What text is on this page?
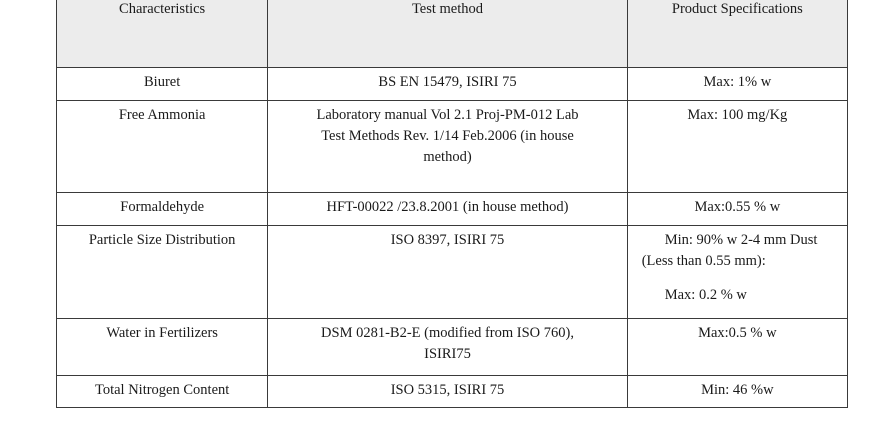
Characteristics	Test method	Product Specifications

Biuret	BS EN 15479, ISIRI 75	Max: 1% w

Free Ammonia	Laboratory manual Vol 2.1 Proj-PM-012 Lab
Test Methods Rev. 1/14 Feb.2006 (in house
method)	Max: 100 mg/Kg

Formaldehyde	HFT-00022 /23.8.2001 (in house method)	Max:0.55 % w

Particle Size Distribution	ISO 8397, ISIRI 75	Min: 90% w 2-4 mm Dust
(Less than 0.55 mm):
Max: 0.2 % w

Water in Fertilizers	DSM 0281-B2-E (modified from ISO 760),
ISIRI75	Max:0.5 % w

Total Nitrogen Content	ISO 5315, ISIRI 75	Min: 46 %w
